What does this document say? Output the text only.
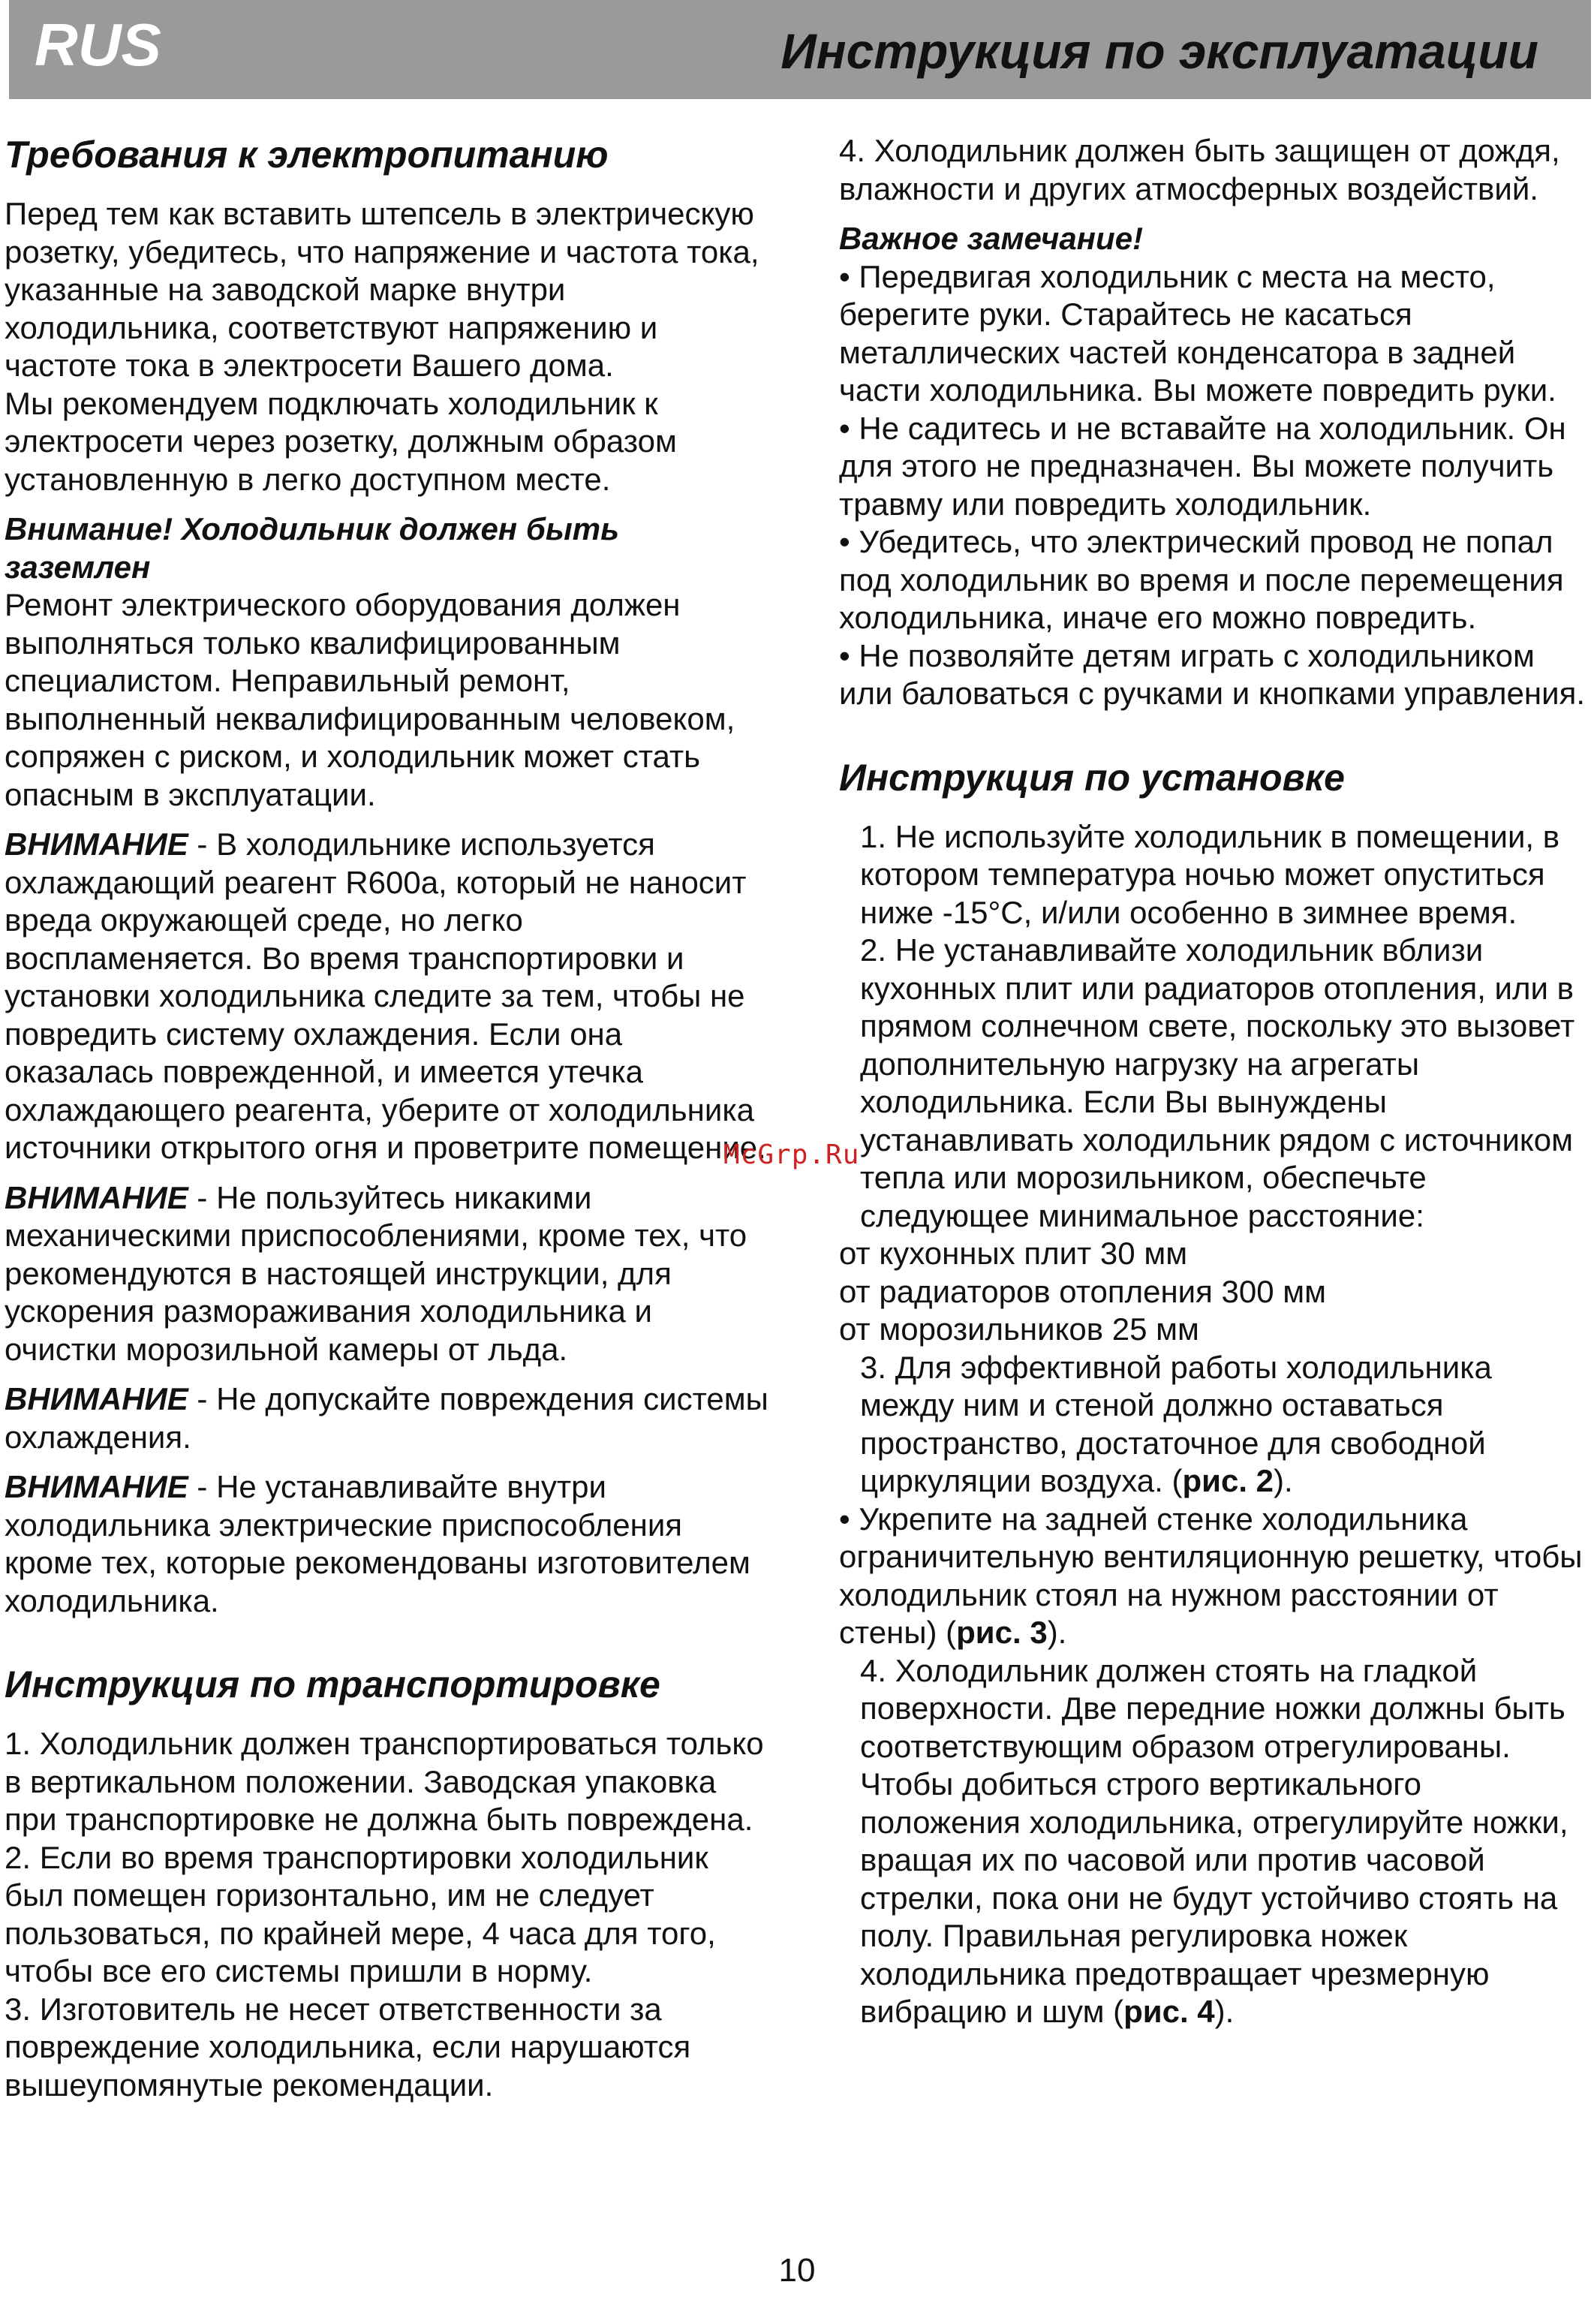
RUS	Инструкция по эксплуатации
Требования к электропитанию

Перед тем как вставить штепсель в электрическую розетку, убедитесь, что напряжение и частота тока, указанные на заводской марке внутри холодильника, соответствуют напряжению и частоте тока в электросети Вашего дома.

Мы рекомендуем подключать холодильник к электросети через розетку, должным образом установленную в легко доступном месте.

Внимание! Холодильник должен быть заземлен

Ремонт электрического оборудования должен выполняться только квалифицированным специалистом. Неправильный ремонт, выполненный неквалифицированным человеком, сопряжен с риском, и холодильник может стать опасным в эксплуатации.

ВНИМАНИЕ - В холодильнике используется охлаждающий реагент R600a, который не наносит вреда окружающей среде, но легко воспламеняется. Во время транспортировки и установки холодильника следите за тем, чтобы не повредить систему охлаждения. Если она оказалась поврежденной, и имеется утечка охлаждающего реагента, уберите от холодильника источники открытого огня и проветрите помещение.

ВНИМАНИЕ - Не пользуйтесь никакими механическими приспособлениями, кроме тех, что рекомендуются в настоящей инструкции, для ускорения размораживания холодильника и очистки морозильной камеры от льда.

ВНИМАНИЕ - Не допускайте повреждения системы охлаждения.

ВНИМАНИЕ - Не устанавливайте внутри холодильника электрические приспособления кроме тех, которые рекомендованы изготовителем холодильника.

Инструкция по транспортировке

1. Холодильник должен транспортироваться только в вертикальном положении. Заводская упаковка при транспортировке не должна быть повреждена.

2. Если во время транспортировки холодильник был помещен горизонтально, им не следует пользоваться, по крайней мере, 4 часа для того, чтобы все его системы пришли в норму.

3. Изготовитель не несет ответственности за повреждение холодильника, если нарушаются вышеупомянутые рекомендации.

4. Холодильник должен быть защищен от дождя, влажности и других атмосферных воздействий.

Важное замечание!

• Передвигая холодильник с места на место, берегите руки. Старайтесь не касаться металлических частей конденсатора в задней части холодильника. Вы можете повредить руки.

• Не садитесь и не вставайте на холодильник. Он для этого не предназначен. Вы можете получить травму или повредить холодильник.

• Убедитесь, что электрический провод не попал под холодильник во время и после перемещения холодильника, иначе его можно повредить.

• Не позволяйте детям играть с холодильником или баловаться с ручками и кнопками управления.

Инструкция по установке

1. Не используйте холодильник в помещении, в котором температура ночью может опуститься ниже -15°C, и/или особенно в зимнее время.

2. Не устанавливайте холодильник вблизи кухонных плит или радиаторов отопления, или в прямом солнечном свете, поскольку это вызовет дополнительную нагрузку на агрегаты холодильника. Если Вы вынуждены устанавливать холодильник рядом с источником тепла или морозильником, обеспечьте следующее минимальное расстояние:

от кухонных плит 30 мм

от радиаторов отопления 300 мм

от морозильников 25 мм

3. Для эффективной работы холодильника между ним и стеной должно оставаться пространство, достаточное для свободной циркуляции воздуха. (рис. 2).

• Укрепите на задней стенке холодильника ограничительную вентиляционную решетку, чтобы холодильник стоял на нужном расстоянии от стены) (рис. 3).

4. Холодильник должен стоять на гладкой поверхности. Две передние ножки должны быть соответствующим образом отрегулированы. Чтобы добиться строго вертикального положения холодильника, отрегулируйте ножки, вращая их по часовой или против часовой стрелки, пока они не будут устойчиво стоять на полу. Правильная регулировка ножек холодильника предотвращает чрезмерную вибрацию и шум (рис. 4).

McGrp.Ru
10
